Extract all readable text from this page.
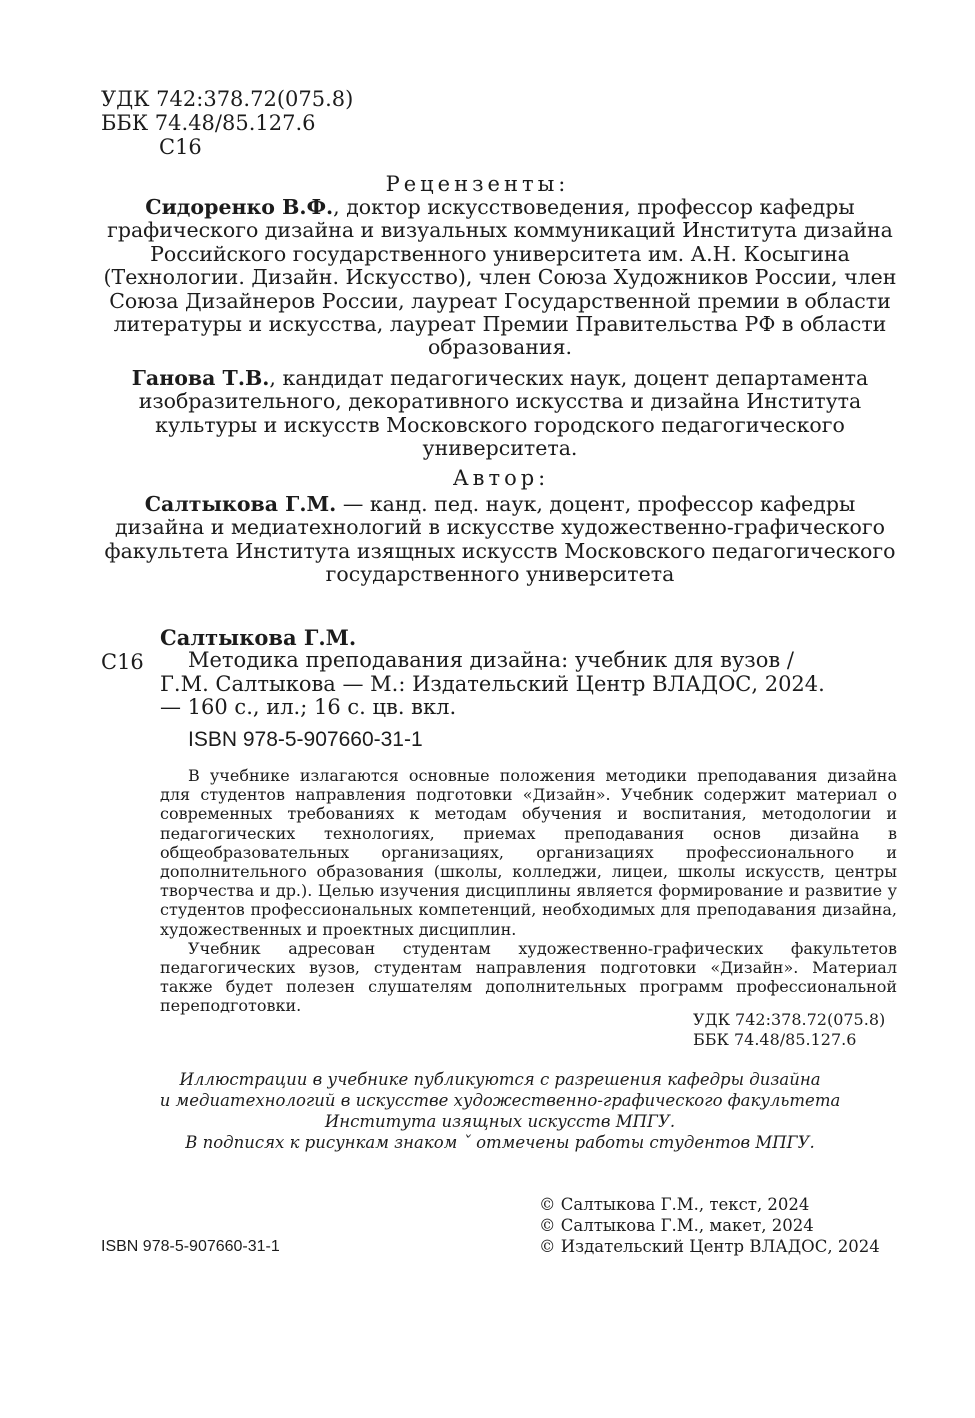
УДК 742:378.72(075.8)
ББК 74.48/85.127.6
С16
Рецензенты:
Сидоренко В.Ф., доктор искусствоведения, профессор кафедры графического дизайна и визуальных коммуникаций Института дизайна Российского государственного университета им. А.Н. Косыгина (Технологии. Дизайн. Искусство), член Союза Художников России, член Союза Дизайнеров России, лауреат Государственной премии в области литературы и искусства, лауреат Премии Правительства РФ в области образования.
Ганова Т.В., кандидат педагогических наук, доцент департамента изобразительного, декоративного искусства и дизайна Института культуры и искусств Московского городского педагогического университета.
Автор:
Салтыкова Г.М. — канд. пед. наук, доцент, профессор кафедры дизайна и медиатехнологий в искусстве художественно-графического факультета Института изящных искусств Московского педагогического государственного университета
Салтыкова Г.М.
С16	Методика преподавания дизайна: учебник для вузов /
Г.М. Салтыкова — М.: Издательский Центр ВЛАДОС, 2024.
— 160 с., ил.; 16 с. цв. вкл.
ISBN 978-5-907660-31-1

В учебнике излагаются основные положения методики преподавания дизайна для студентов направления подготовки «Дизайн». Учебник содержит материал о современных требованиях к методам обучения и воспитания, методологии и педагогических технологиях, приемах преподавания основ дизайна в общеобразовательных организациях, организациях профессионального и дополнительного образования (школы, колледжи, лицеи, школы искусств, центры творчества и др.). Целью изучения дисциплины является формирование и развитие у студентов профессиональных компетенций, необходимых для преподавания дизайна, художественных и проектных дисциплин.

Учебник адресован студентам художественно-графических факультетов педагогических вузов, студентам направления подготовки «Дизайн». Материал также будет полезен слушателям дополнительных программ профессиональной переподготовки.

УДК 742:378.72(075.8)
ББК 74.48/85.127.6
Иллюстрации в учебнике публикуются с разрешения кафедры дизайна
и медиатехнологий в искусстве художественно-графического факультета
Института изящных искусств МПГУ.
В подписях к рисункам знаком ˇ отмечены работы студентов МПГУ.
ISBN 978-5-907660-31-1
© Салтыкова Г.М., текст, 2024
© Салтыкова Г.М., макет, 2024
© Издательский Центр ВЛАДОС, 2024
